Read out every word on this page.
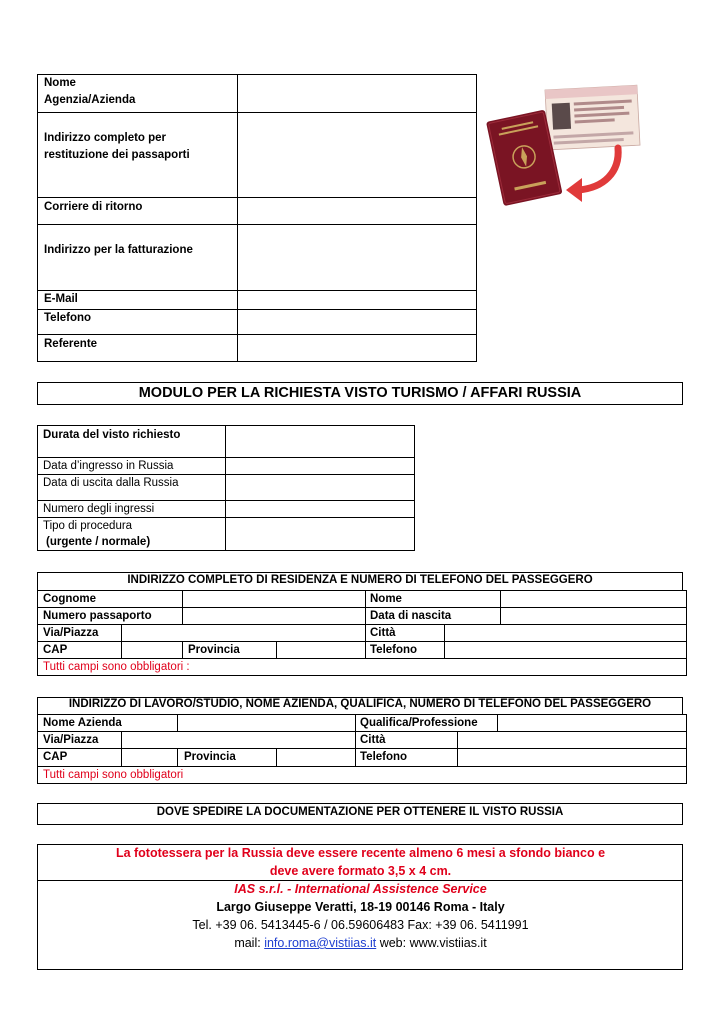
Nome
Agenzia/Azienda
Indirizzo completo per
restituzione dei passaporti
Corriere di ritorno
Indirizzo per la fatturazione
E-Mail
Telefono
Referente
MODULO PER LA RICHIESTA VISTO TURISMO / AFFARI RUSSIA
Durata del visto richiesto
Data d’ingresso in Russia
Data di uscita dalla Russia
Numero degli ingressi
Tipo di procedura
(urgente / normale)
INDIRIZZO COMPLETO DI RESIDENZA E NUMERO DI TELEFONO DEL PASSEGGERO
Cognome	Nome
Numero passaporto	Data di nascita
Via/Piazza	Città
CAP	Provincia	Telefono
Tutti campi sono obbligatori :
INDIRIZZO DI LAVORO/STUDIO, NOME AZIENDA, QUALIFICA, NUMERO DI TELEFONO DEL PASSEGGERO
Nome Azienda	Qualifica/Professione
Via/Piazza	Città
CAP	Provincia	Telefono
Tutti campi sono obbligatori
DOVE SPEDIRE LA DOCUMENTAZIONE PER OTTENERE IL VISTO RUSSIA
La fototessera per la Russia deve essere recente almeno 6 mesi a sfondo bianco e
deve avere formato 3,5 x 4 cm.
IAS s.r.l. - International Assistence Service
Largo Giuseppe Veratti, 18-19 00146 Roma - Italy
Tel. +39 06. 5413445-6 / 06.59606483 Fax: +39 06. 5411991
mail: info.roma@vistiias.it web: www.vistiias.it
